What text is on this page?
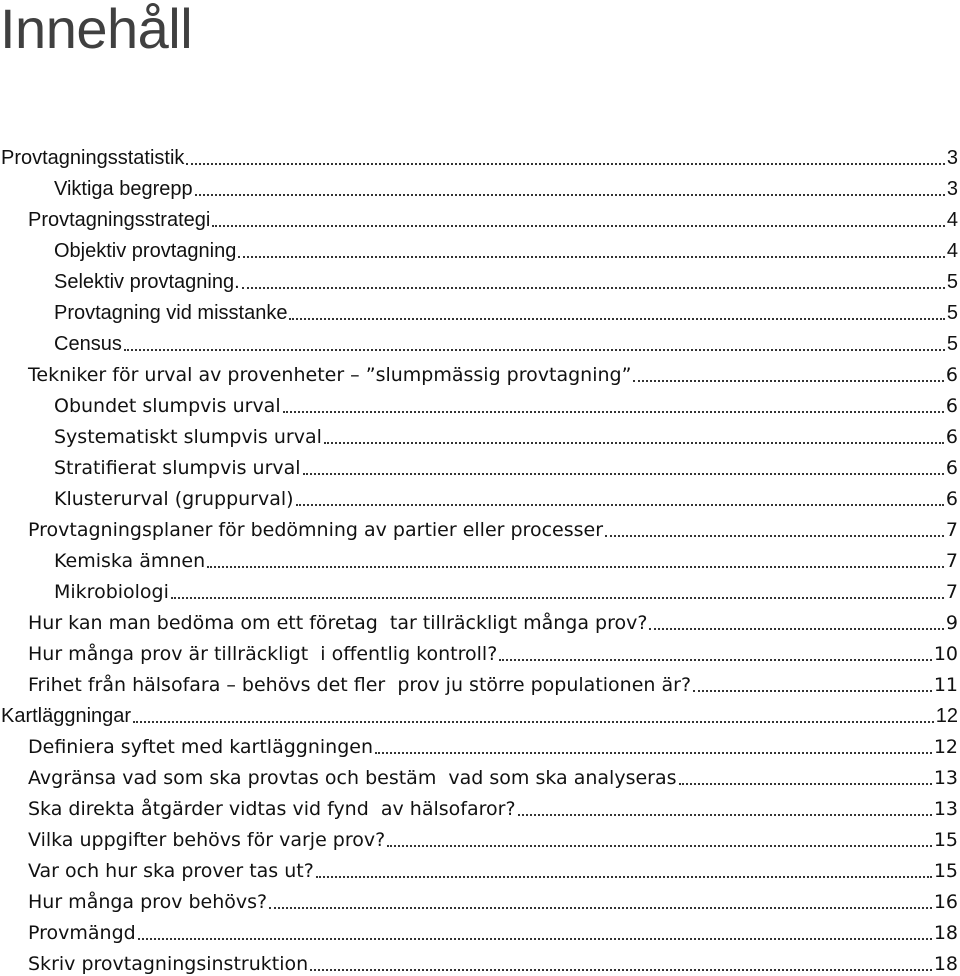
Innehåll
Provtagningsstatistik	3
Viktiga begrepp	3
Provtagningsstrategi	4
Objektiv provtagning	4
Selektiv provtagning.	5
Provtagning vid misstanke	5
Census	5
Tekniker för urval av provenheter – ”slumpmässig provtagning”	6
Obundet slumpvis urval	6
Systematiskt slumpvis urval	6
Stratifierat slumpvis urval	6
Klusterurval (gruppurval)	6
Provtagningsplaner för bedömning av partier eller processer	7
Kemiska ämnen	7
Mikrobiologi	7
Hur kan man bedöma om ett företag  tar tillräckligt många prov?	9
Hur många prov är tillräckligt  i offentlig kontroll?	10
Frihet från hälsofara – behövs det fler  prov ju större populationen är?	11
Kartläggningar	12
Definiera syftet med kartläggningen	12
Avgränsa vad som ska provtas och bestäm  vad som ska analyseras	13
Ska direkta åtgärder vidtas vid fynd  av hälsofaror?	13
Vilka uppgifter behövs för varje prov?	15
Var och hur ska prover tas ut?	15
Hur många prov behövs?	16
Provmängd	18
Skriv provtagningsinstruktion	18
